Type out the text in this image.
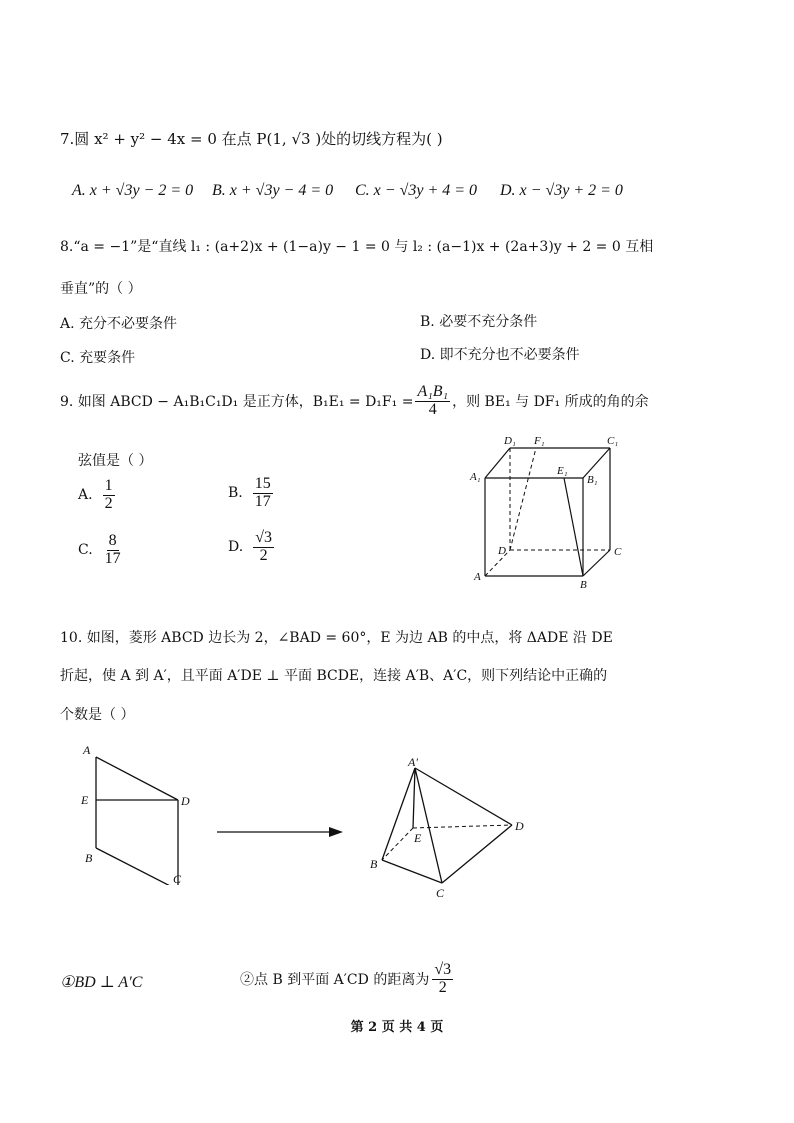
7.圆 x² + y² − 4x = 0 在点 P(1, √3 )处的切线方程为( )
A. x + √3y − 2 = 0 B. x + √3y − 4 = 0 C. x − √3y + 4 = 0 D. x − √3y + 2 = 0
8.“a = −1”是“直线 l₁ : (a+2)x + (1−a)y − 1 = 0 与 l₂ : (a−1)x + (2a+3)y + 2 = 0 互相
垂直”的（ ）
A. 充分不必要条件	B. 必要不充分条件
C. 充要条件	D. 即不充分也不必要条件
9. 如图 ABCD − A₁B₁C₁D₁ 是正方体，$B_1E_1 = D_1F_1 = \frac{\text{A₁B₁}}{4}$ ，则 BE₁ 与 DF₁ 所成的角的余
弦值是（ ）
A. $\frac{1}{2}$	B. $\frac{15}{17}$
C. $\frac{8}{17}$	D. $\frac{√3}{2}$
D₁ F₁	C₁
A₁	E₁
B₁
D	C
A
B
10. 如图，菱形 ABCD 边长为 2，∠BAD = 60°，E 为边 AB 的中点，将 ΔADE 沿 DE
折起，使 A 到 A′，且平面 A′DE ⊥ 平面 BCDE，连接 A′B、A′C，则下列结论中正确的
个数是（ ）
A
E	D
B
C
A′
E
D
B
C
①BD ⊥ A′C	②点 B 到平面 A′CD 的距离为 $\frac{√3}{2}$
第 2 页 共 4 页
